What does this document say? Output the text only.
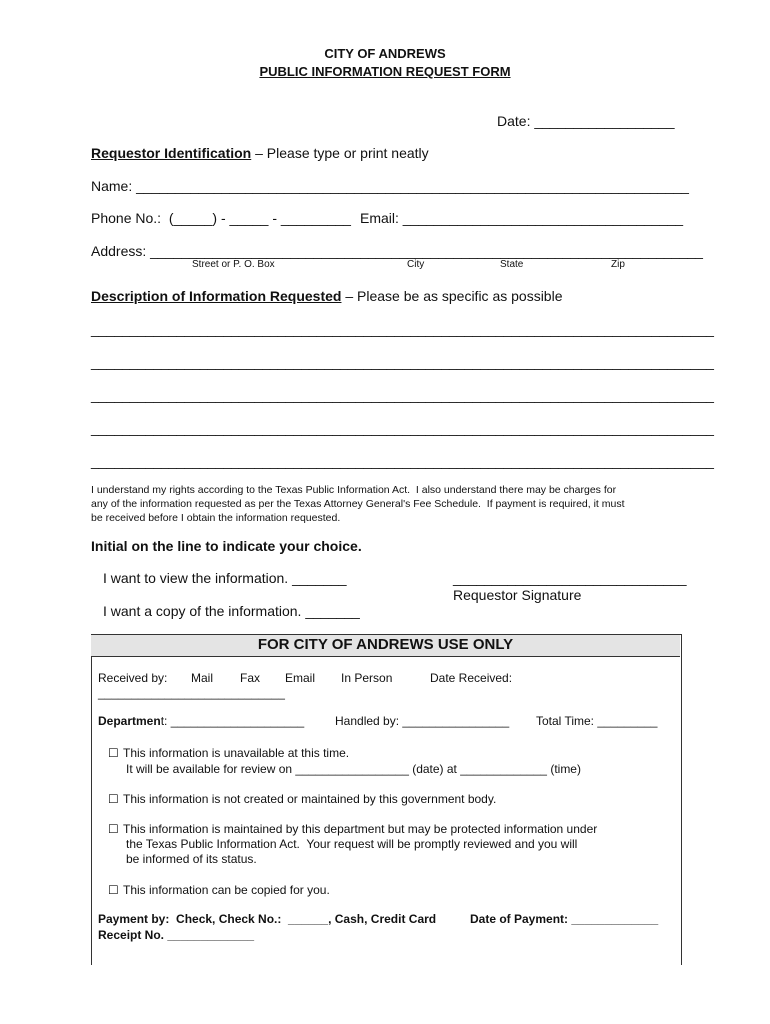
CITY OF ANDREWS
PUBLIC INFORMATION REQUEST FORM
Date: __________________
Requestor Identification – Please type or print neatly
Name: _______________________________________________________________________
Phone No.:  (_____) - _____ - _________ Email: ____________________________________
Address: _______________________________________________________________________
Street or P. O. Box	City	State	Zip
Description of Information Requested – Please be as specific as possible
________________________________________________________________________________
________________________________________________________________________________
________________________________________________________________________________
________________________________________________________________________________
________________________________________________________________________________
I understand my rights according to the Texas Public Information Act.  I also understand there may be charges for
any of the information requested as per the Texas Attorney General's Fee Schedule.  If payment is required, it must
be received before I obtain the information requested.
Initial on the line to indicate your choice.
I want to view the information. _______	______________________________
Requestor Signature
I want a copy of the information. _______
FOR CITY OF ANDREWS USE ONLY
Received by: Mail Fax Email In Person	Date Received:
____________________________
Department: ____________________	Handled by: ________________ Total Time: _________
☐ This information is unavailable at this time.
It will be available for review on _________________ (date) at _____________ (time)
☐ This information is not created or maintained by this government body.
☐ This information is maintained by this department but may be protected information under
the Texas Public Information Act.  Your request will be promptly reviewed and you will
be informed of its status.
☐ This information can be copied for you.
Payment by:  Check, Check No.:  ______, Cash, Credit Card	Date of Payment: _____________
Receipt No. _____________
